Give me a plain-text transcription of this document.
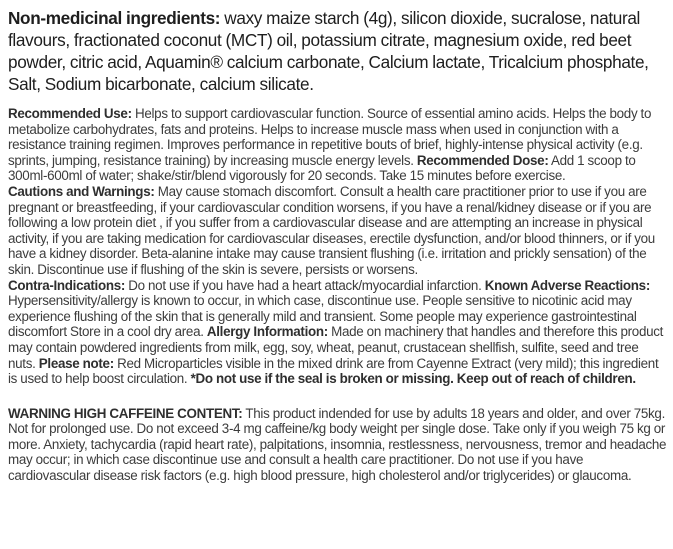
Non-medicinal ingredients: waxy maize starch (4g), silicon dioxide, sucralose, natural flavours, fractionated coconut (MCT) oil, potassium citrate, magnesium oxide, red beet powder, citric acid, Aquamin® calcium carbonate, Calcium lactate, Tricalcium phosphate, Salt, Sodium bicarbonate, calcium silicate.

Recommended Use: Helps to support cardiovascular function. Source of essential amino acids. Helps the body to metabolize carbohydrates, fats and proteins. Helps to increase muscle mass when used in conjunction with a resistance training regimen. Improves performance in repetitive bouts of brief, highly-intense physical activity (e.g. sprints, jumping, resistance training) by increasing muscle energy levels. Recommended Dose: Add 1 scoop to 300ml-600ml of water; shake/stir/blend vigorously for 20 seconds. Take 15 minutes before exercise.
Cautions and Warnings: May cause stomach discomfort. Consult a health care practitioner prior to use if you are pregnant or breastfeeding, if your cardiovascular condition worsens, if you have a renal/kidney disease or if you are following a low protein diet , if you suffer from a cardiovascular disease and are attempting an increase in physical activity, if you are taking medication for cardiovascular diseases, erectile dysfunction, and/or blood thinners, or if you have a kidney disorder. Beta-alanine intake may cause transient flushing (i.e. irritation and prickly sensation) of the skin. Discontinue use if flushing of the skin is severe, persists or worsens.
Contra-Indications: Do not use if you have had a heart attack/myocardial infarction. Known Adverse Reactions: Hypersensitivity/allergy is known to occur, in which case, discontinue use. People sensitive to nicotinic acid may experience flushing of the skin that is generally mild and transient. Some people may experience gastrointestinal discomfort Store in a cool dry area. Allergy Information: Made on machinery that handles and therefore this product may contain powdered ingredients from milk, egg, soy, wheat, peanut, crustacean shellfish, sulfite, seed and tree nuts. Please note: Red Microparticles visible in the mixed drink are from Cayenne Extract (very mild); this ingredient is used to help boost circulation. *Do not use if the seal is broken or missing. Keep out of reach of children.

WARNING HIGH CAFFEINE CONTENT: This product indended for use by adults 18 years and older, and over 75kg. Not for prolonged use. Do not exceed 3-4 mg caffeine/kg body weight per single dose. Take only if you weigh 75 kg or more. Anxiety, tachycardia (rapid heart rate), palpitations, insomnia, restlessness, nervousness, tremor and headache may occur; in which case discontinue use and consult a health care practitioner. Do not use if you have cardiovascular disease risk factors (e.g. high blood pressure, high cholesterol and/or triglycerides) or glaucoma.
